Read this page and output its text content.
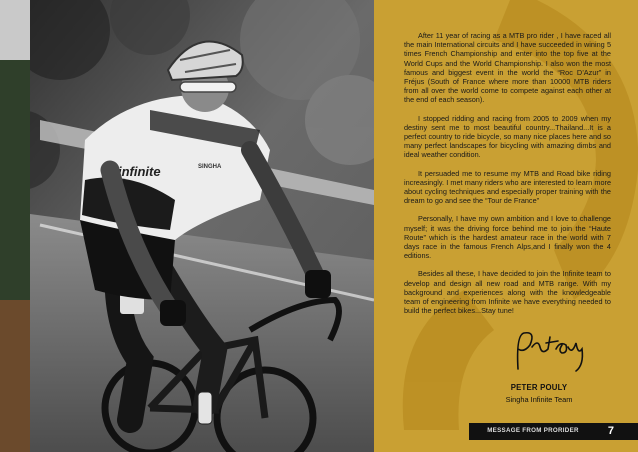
infinite	SINGHA

After 11 year of racing as a MTB pro rider , I have raced all the main International circuits and I have succeeded in wining 5 times French Championship and enter into the top five at the World Cups and the World Championship. I also won the most famous and biggest event in the world the “Roc D’Azur” in Fréjus (South of France where more than 10000 MTB riders from all over the world come to compete against each other at the end of each season).

I stopped ridding and racing from 2005 to 2009 when my destiny sent me to most beautiful country...Thailand...It is a perfect country to ride bicycle, so many nice places here and so many perfect landscapes for bicycling with amazing dimbs and ideal weather condition.

It persuaded me to resume my MTB and Road bike riding increasingly. I met many riders who are interested to learn more about cycling techniques and especially proper training with the dream to go and see the “Tour de France”

Personally, I have my own ambition and I love to challenge myself; it was the driving force behind me to join the “Haute Route” which is the hardest amateur race in the world with 7 days race in the famous French Alps,and I finally won the 4 editions.

Besides all these, I have decided to join the Infinite team to develop and design all new road and MTB range. With my background and experiences along with the knowledgeable team of engineering from Infinite we have everything needed to build the perfect bikes...Stay tune!

PETER POULY
Singha Infinite Team
MESSAGE FROM PRORIDER	7
